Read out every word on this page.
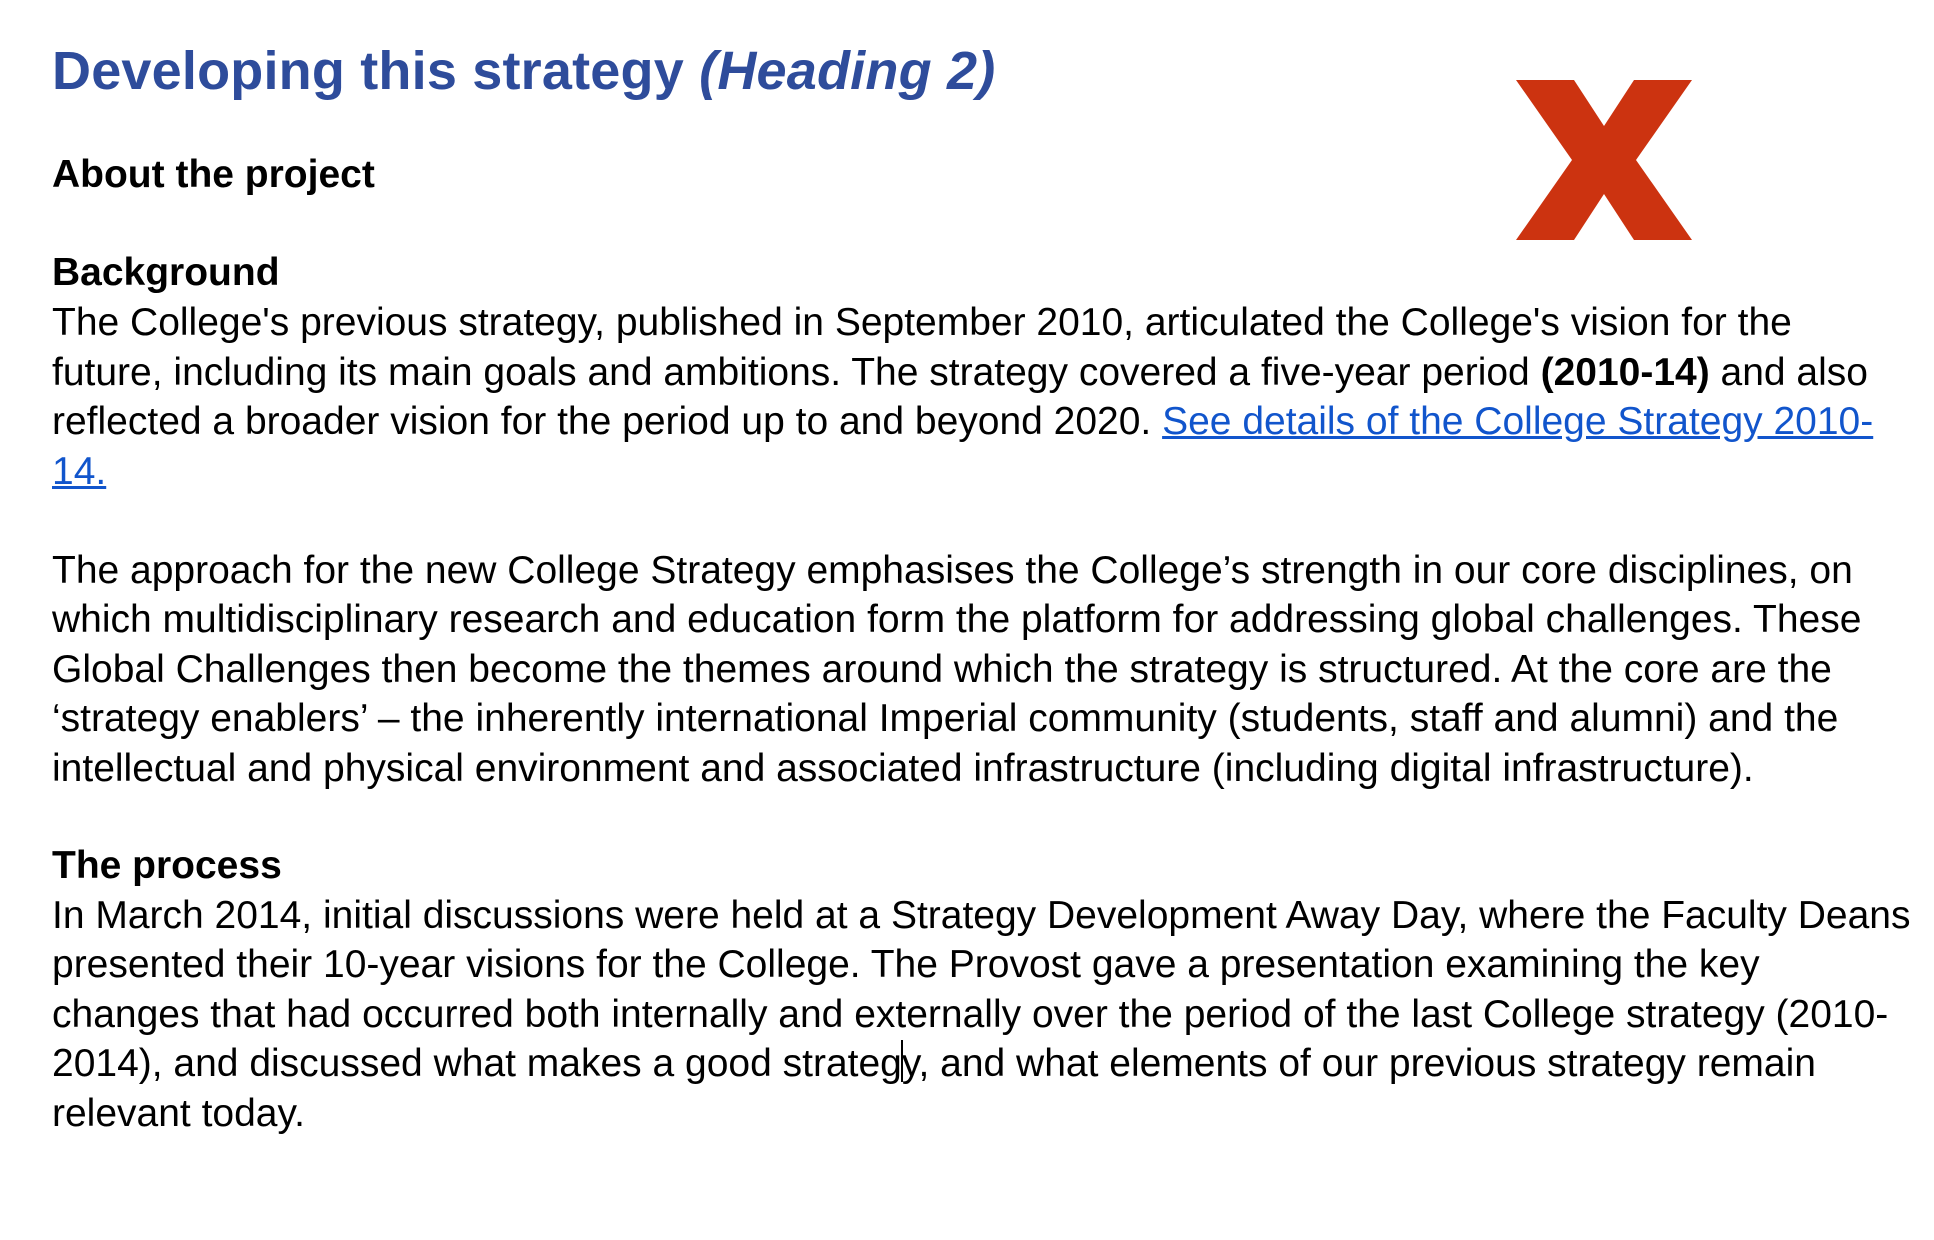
Developing this strategy (Heading 2)
About the project

Background

The College's previous strategy, published in September 2010, articulated the College's vision for the future, including its main goals and ambitions. The strategy covered a five-year period (2010-14) and also reflected a broader vision for the period up to and beyond 2020. See details of the College Strategy 2010-14.

The approach for the new College Strategy emphasises the College’s strength in our core disciplines, on which multidisciplinary research and education form the platform for addressing global challenges. These Global Challenges then become the themes around which the strategy is structured. At the core are the ‘strategy enablers’ – the inherently international Imperial community (students, staff and alumni) and the intellectual and physical environment and associated infrastructure (including digital infrastructure).

The process

In March 2014, initial discussions were held at a Strategy Development Away Day, where the Faculty Deans presented their 10-year visions for the College. The Provost gave a presentation examining the key changes that had occurred both internally and externally over the period of the last College strategy (2010-2014), and discussed what makes a good strategy, and what elements of our previous strategy remain relevant today.
